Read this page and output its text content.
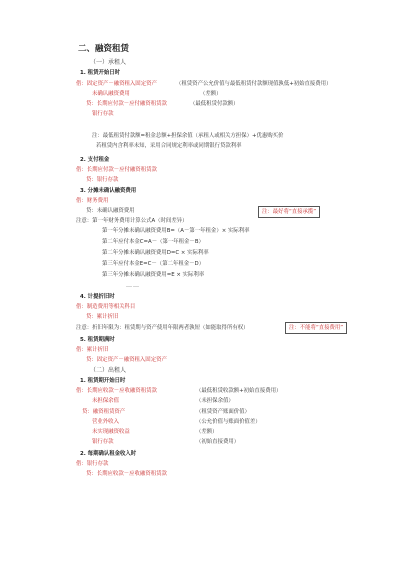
二、融资租赁
（一）承租人
1. 租赁开始日时
借：固定资产－融资租入固定资产	（租赁资产公允价值与最低租赁付款额现值孰低+初始直接费用）
未确认融资费用	（差额）
贷：长期应付款－应付融资租赁款	（最低租赁付款额）
银行存款
注：最低租赁付款额=租金总额+担保余值（承租人或相关方担保）+优惠购买价
若租赁内含利率未知，采用合同规定利率或同期银行贷款利率
2. 支付租金
借：长期应付款－应付融资租赁款
贷：银行存款
3. 分摊未确认融资费用
借：财务费用
贷：未确认融资费用
注意：第一年财务费用计算公式A（时间差异）
第一年分摊未确认融资费用B=（A－第一年租金）× 实际利率
第二年应付本金C=A－（第一年租金－B）
第二年分摊未确认融资费用D=C × 实际利率
第三年应付本金E=C－（第二年租金－D）
第三年分摊未确认融资费用=E × 实际利率
……
4. 计提折旧时
借：制造费用等相关科目
贷：累计折旧
注意：折旧年限为：租赁期与资产使用年限两者孰短（如能取得所有权）
5. 租赁期满时
借：累计折旧
贷：固定资产－融资租入固定资产
（二）出租人
1. 租赁期开始日时
借：长期应收款－应收融资租赁款	（最低租赁收款额+初始直接费用）
未担保余值	（未担保余值）
贷：融资租赁资产	（租赁资产账面价值）
营业外收入	（公允价值与账面价值差）
未实现融资收益	（差额）
银行存款	（初始直接费用）
2. 每期确认租金收入时
借：银行存款
贷：长期应收款－应收融资租赁款
注：最好将“直接承揽”
注：不能将“直接费用”
